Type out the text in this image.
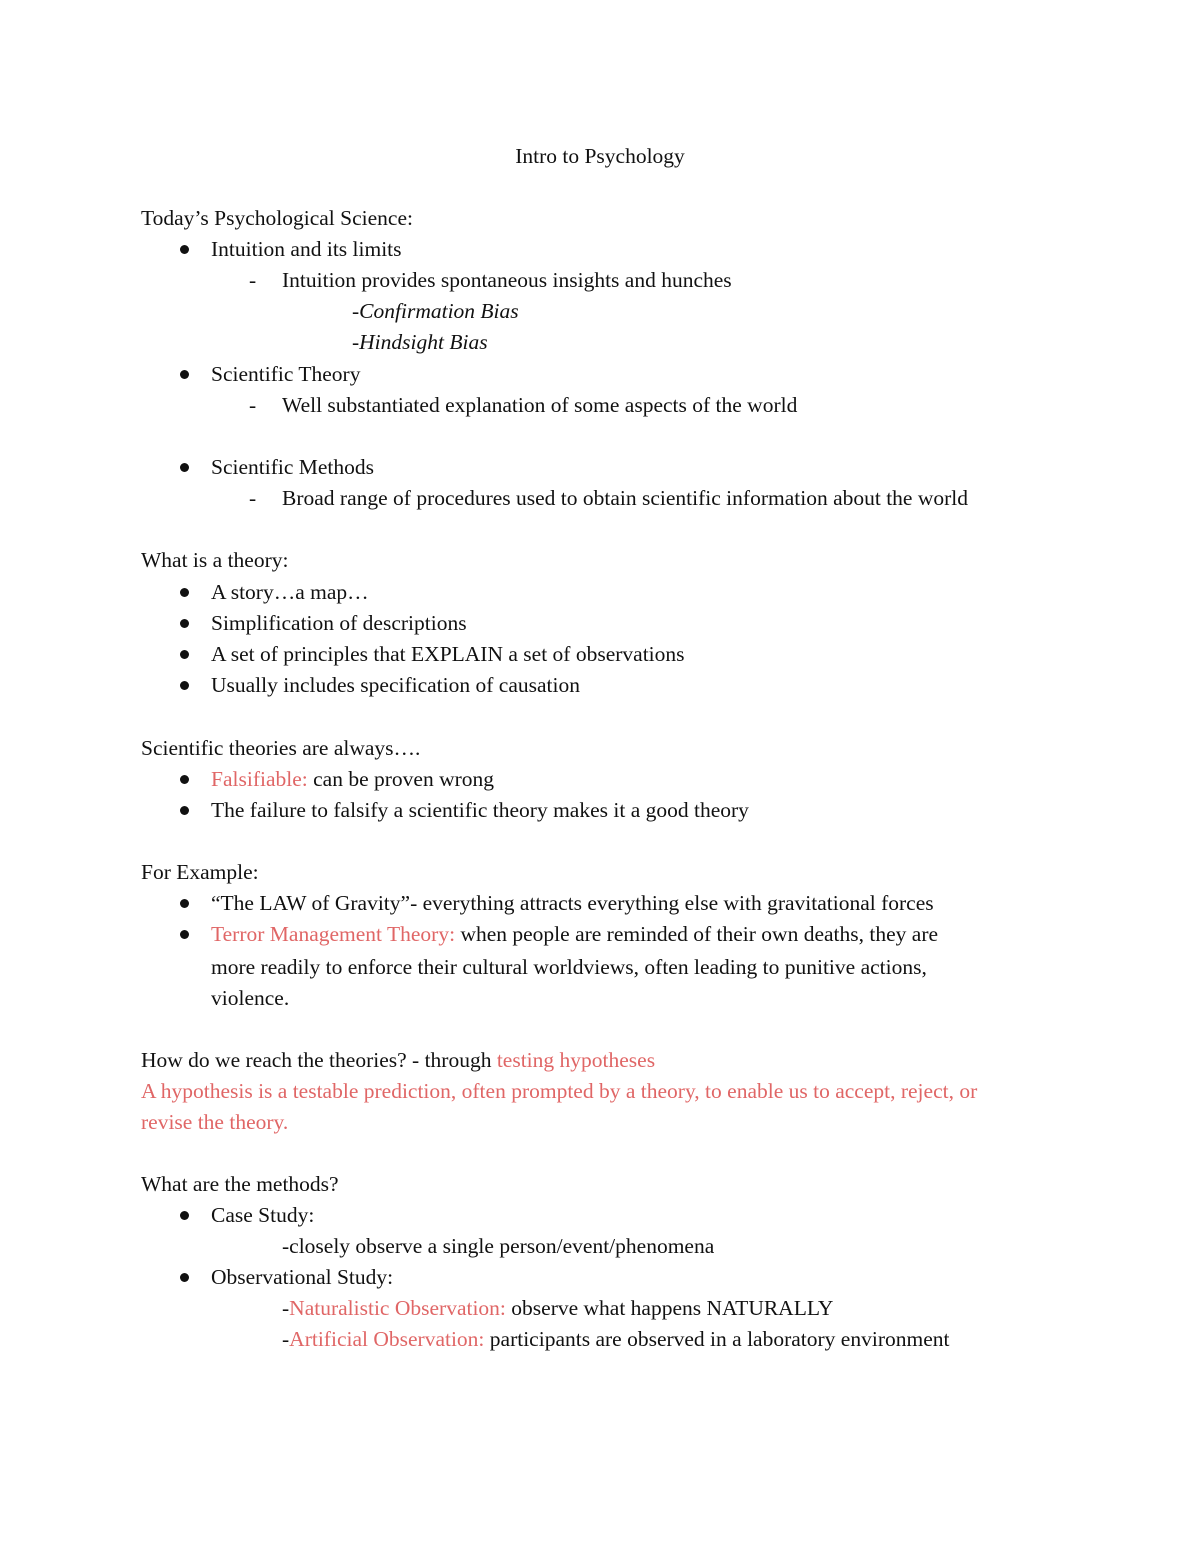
Intro to Psychology
Today’s Psychological Science:
Intuition and its limits
- Intuition provides spontaneous insights and hunches
-Confirmation Bias
-Hindsight Bias
Scientific Theory
- Well substantiated explanation of some aspects of the world
Scientific Methods
- Broad range of procedures used to obtain scientific information about the world
What is a theory:
A story…a map…
Simplification of descriptions
A set of principles that EXPLAIN a set of observations
Usually includes specification of causation
Scientific theories are always….
Falsifiable: can be proven wrong
The failure to falsify a scientific theory makes it a good theory
For Example:
“The LAW of Gravity”- everything attracts everything else with gravitational forces
Terror Management Theory: when people are reminded of their own deaths, they are
more readily to enforce their cultural worldviews, often leading to punitive actions,
violence.
How do we reach the theories? - through testing hypotheses
A hypothesis is a testable prediction, often prompted by a theory, to enable us to accept, reject, or
revise the theory.
What are the methods?
Case Study:
-closely observe a single person/event/phenomena
Observational Study:
-Naturalistic Observation: observe what happens NATURALLY
-Artificial Observation: participants are observed in a laboratory environment
